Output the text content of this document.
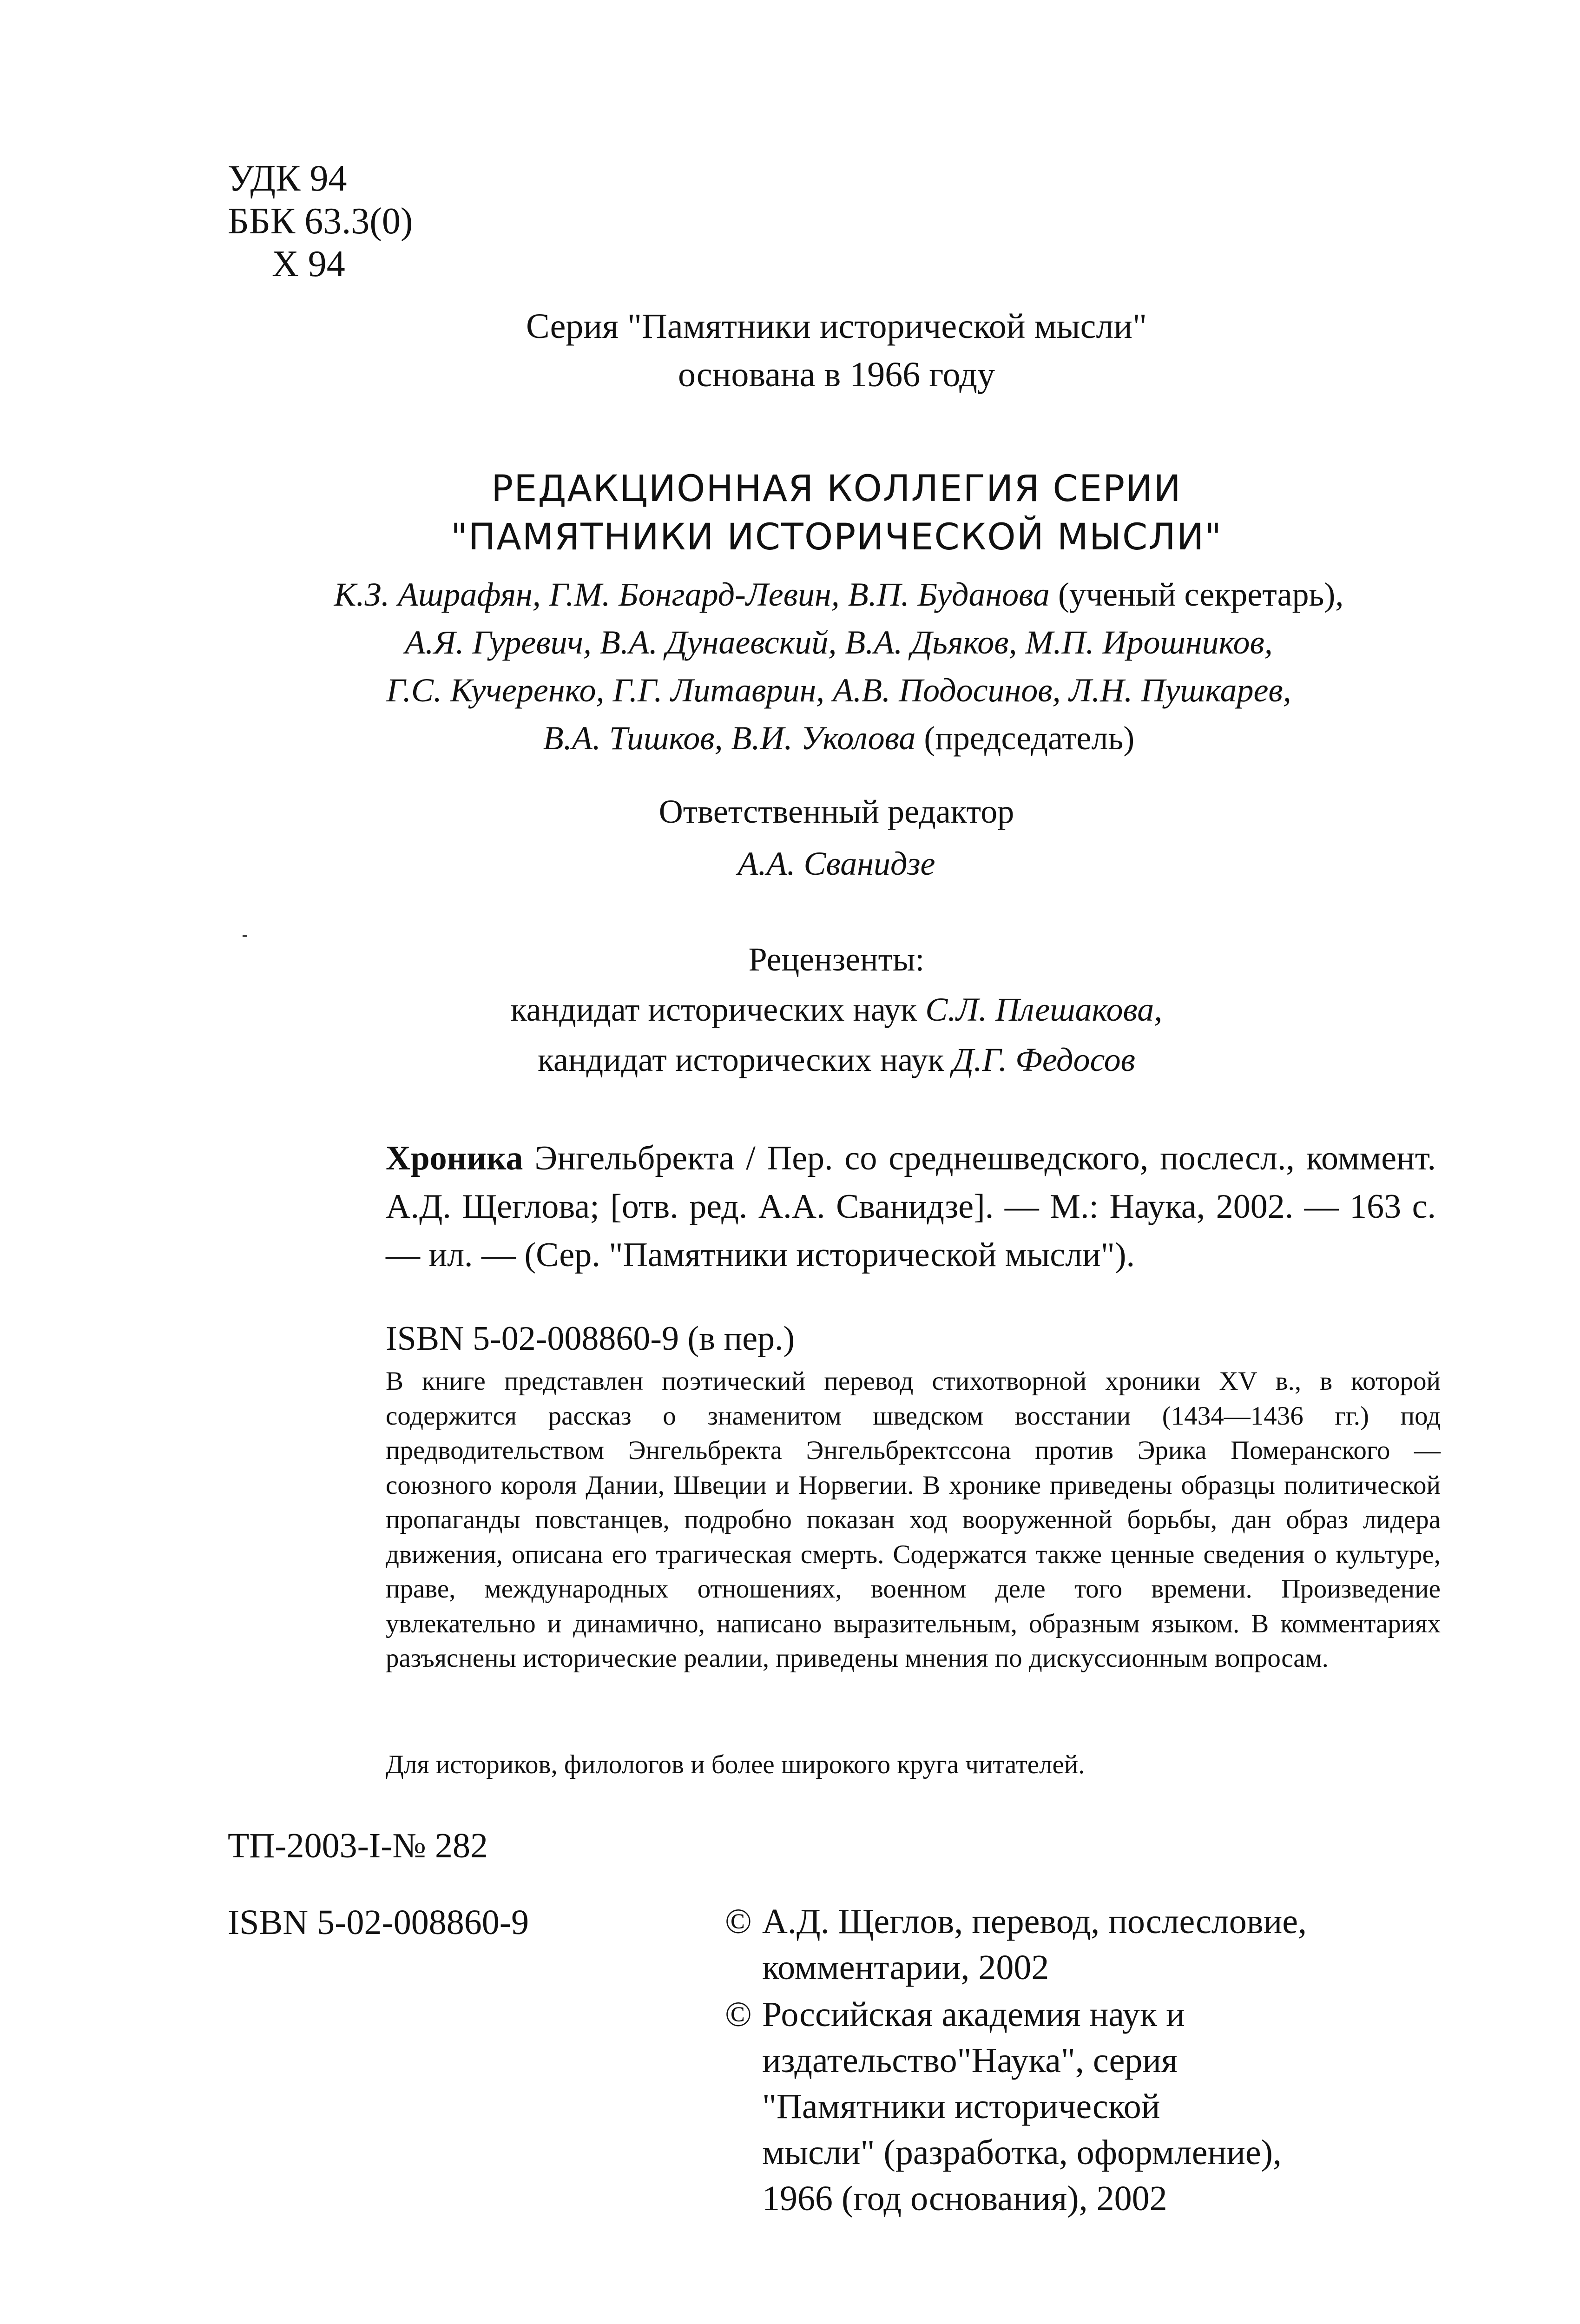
УДК 94
ББК 63.3(0)
Х 94
Серия "Памятники исторической мысли"
основана в 1966 году
РЕДАКЦИОННАЯ КОЛЛЕГИЯ СЕРИИ
"ПАМЯТНИКИ ИСТОРИЧЕСКОЙ МЫСЛИ"
К.З. Ашрафян, Г.М. Бонгард-Левин, В.П. Буданова (ученый секретарь),
А.Я. Гуревич, В.А. Дунаевский, В.А. Дьяков, М.П. Ирошников,
Г.С. Кучеренко, Г.Г. Литаврин, А.В. Подосинов, Л.Н. Пушкарев,
В.А. Тишков, В.И. Уколова (председатель)
Ответственный редактор
А.А. Сванидзе
Рецензенты:
кандидат исторических наук С.Л. Плешакова,
кандидат исторических наук Д.Г. Федосов
Хроника Энгельбректа / Пер. со среднешведского, послесл., коммент. А.Д. Щеглова; [отв. ред. А.А. Сванидзе]. — М.: Наука, 2002. — 163 с. — ил. — (Сер. "Памятники исторической мысли").
ISBN 5-02-008860-9 (в пер.)
В книге представлен поэтический перевод стихотворной хроники XV в., в которой содержится рассказ о знаменитом шведском восстании (1434—1436 гг.) под предводительством Энгельбректа Энгельбректссона против Эрика Померанского — союзного короля Дании, Швеции и Норвегии. В хронике приведены образцы политической пропаганды повстанцев, подробно показан ход вооруженной борьбы, дан образ лидера движения, описана его трагическая смерть. Содержатся также ценные сведения о культуре, праве, международных отношениях, военном деле того времени. Произведение увлекательно и динамично, написано выразительным, образным языком. В комментариях разъяснены исторические реалии, приведены мнения по дискуссионным вопросам.
Для историков, филологов и более широкого круга читателей.
ТП-2003-I-№ 282
ISBN 5-02-008860-9	© А.Д. Щеглов, перевод, послесловие,
комментарии, 2002
© Российская академия наук и
издательство"Наука", серия
"Памятники исторической
мысли" (разработка, оформление),
1966 (год основания), 2002
